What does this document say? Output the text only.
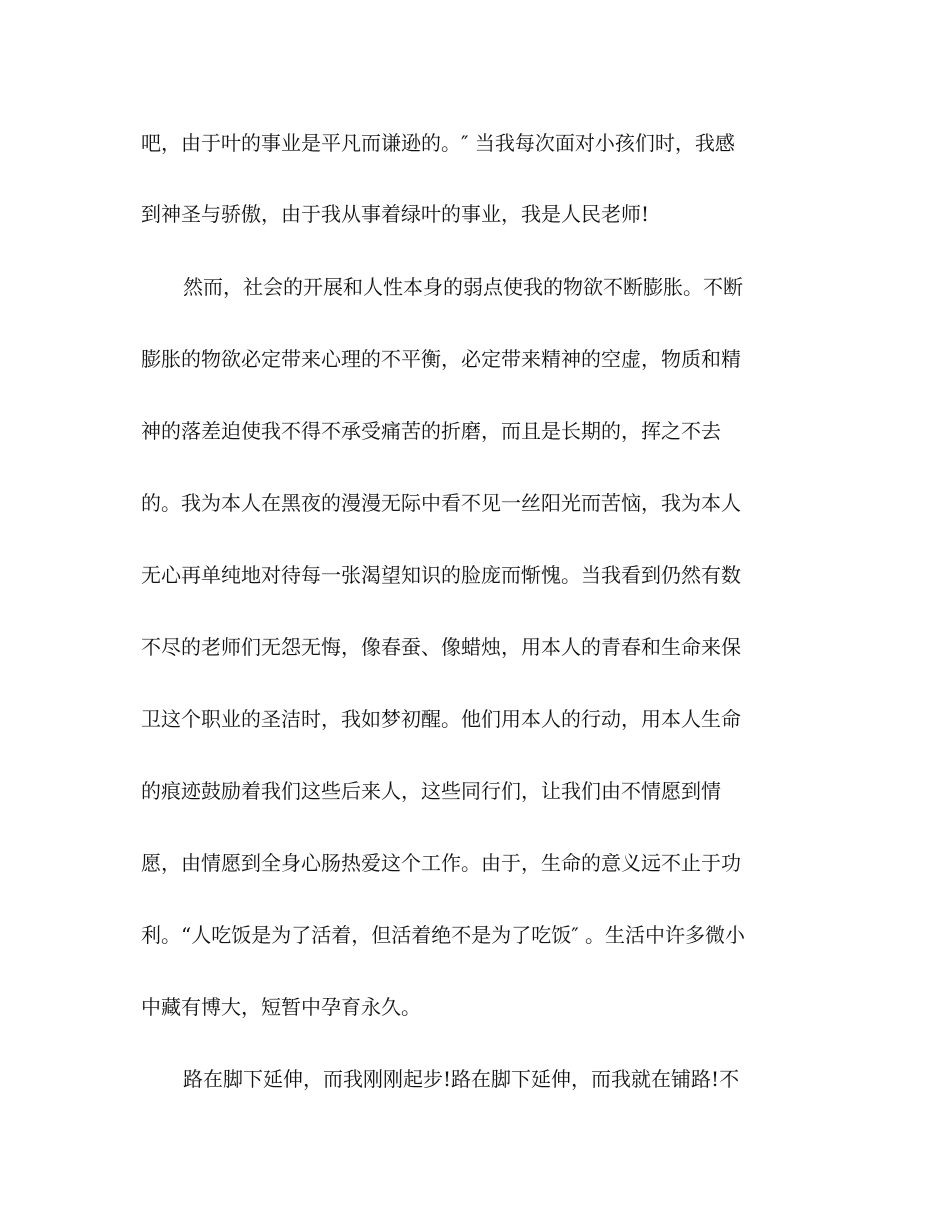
吧，由于叶的事业是平凡而谦逊的。″ 当我每次面对小孩们时，我感
到神圣与骄傲，由于我从事着绿叶的事业，我是人民老师!
然而，社会的开展和人性本身的弱点使我的物欲不断膨胀。不断
膨胀的物欲必定带来心理的不平衡，必定带来精神的空虚，物质和精
神的落差迫使我不得不承受痛苦的折磨，而且是长期的，挥之不去
的。我为本人在黑夜的漫漫无际中看不见一丝阳光而苦恼，我为本人
无心再单纯地对待每一张渴望知识的脸庞而惭愧。当我看到仍然有数
不尽的老师们无怨无悔，像春蚕、像蜡烛，用本人的青春和生命来保
卫这个职业的圣洁时，我如梦初醒。他们用本人的行动，用本人生命
的痕迹鼓励着我们这些后来人，这些同行们，让我们由不情愿到情
愿，由情愿到全身心肠热爱这个工作。由于，生命的意义远不止于功
利。“人吃饭是为了活着，但活着绝不是为了吃饭″ 。生活中许多微小
中藏有博大，短暂中孕育永久。
路在脚下延伸，而我刚刚起步!路在脚下延伸，而我就在铺路!不
